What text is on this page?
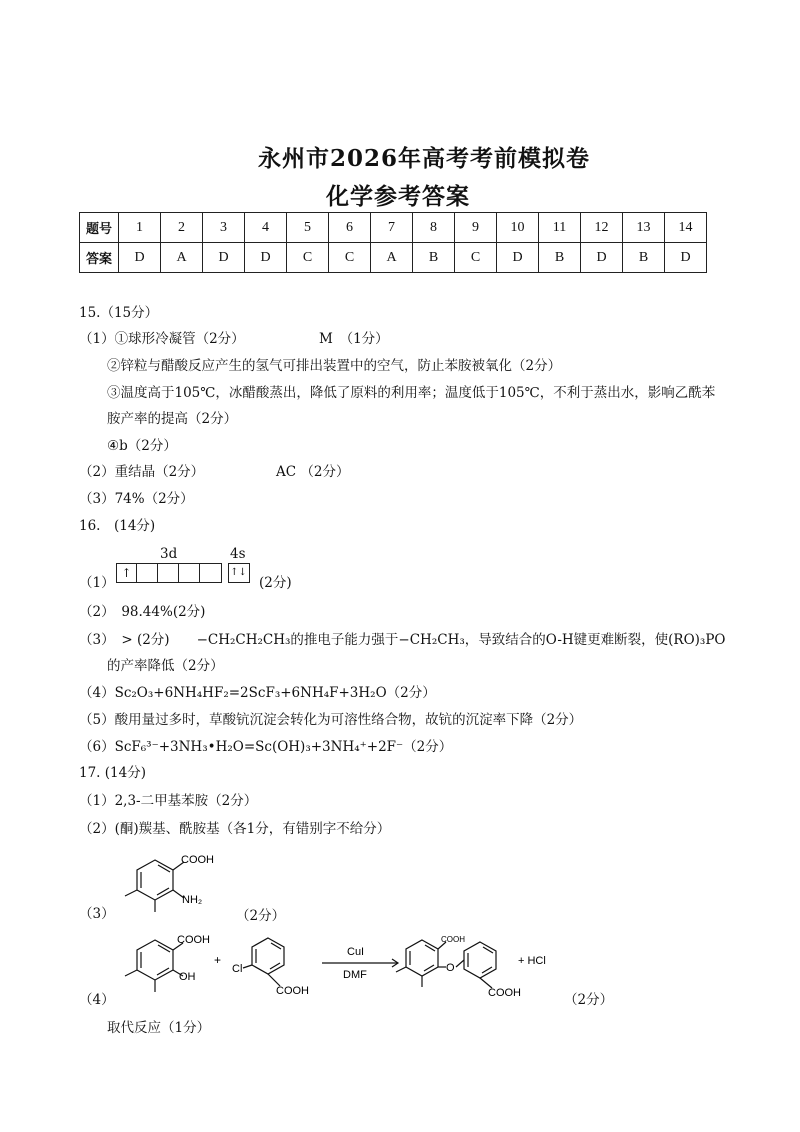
永州市2026年高考考前模拟卷
化学参考答案
题号	1	2	3	4	5	6	7	8	9	10	11	12	13	14
答案	D	A	D	D	C	C	A	B	C	D	B	D	B	D
15.（15分）
（1）①球形冷凝管（2分）	M　（1分）
②锌粒与醋酸反应产生的氢气可排出装置中的空气，防止苯胺被氧化（2分）
③温度高于105℃，冰醋酸蒸出，降低了原料的利用率；温度低于105℃，不利于蒸出水，影响乙酰苯
胺产率的提高（2分）
④b（2分）
（2）重结晶（2分）	AC （2分）
（3）74%（2分）
16.　(14分)
3d	4s
（1）
↑	↑↓
(2分)
（2）　98.44%(2分)
（3）　> (2分)　　−CH₂CH₂CH₃的推电子能力强于−CH₂CH₃，导致结合的O-H键更难断裂，使(RO)₃PO
的产率降低（2分）
（4）Sc₂O₃+6NH₄HF₂=2ScF₃+6NH₄F+3H₂O（2分）
（5）酸用量过多时，草酸钪沉淀会转化为可溶性络合物，故钪的沉淀率下降（2分）
（6）ScF₆³⁻+3NH₃•H₂O=Sc(OH)₃+3NH₄⁺+2F⁻（2分）
17. (14分)
（1）2,3-二甲基苯胺（2分）
（2）(酮)羰基、酰胺基（各1分，有错别字不给分）
COOH
NH₂
（3）	（2分）
COOH
OH
+
Cl
COOH
CuI
DMF
COOH
O
COOH
+ HCl
（4）	（2分）
取代反应（1分）
